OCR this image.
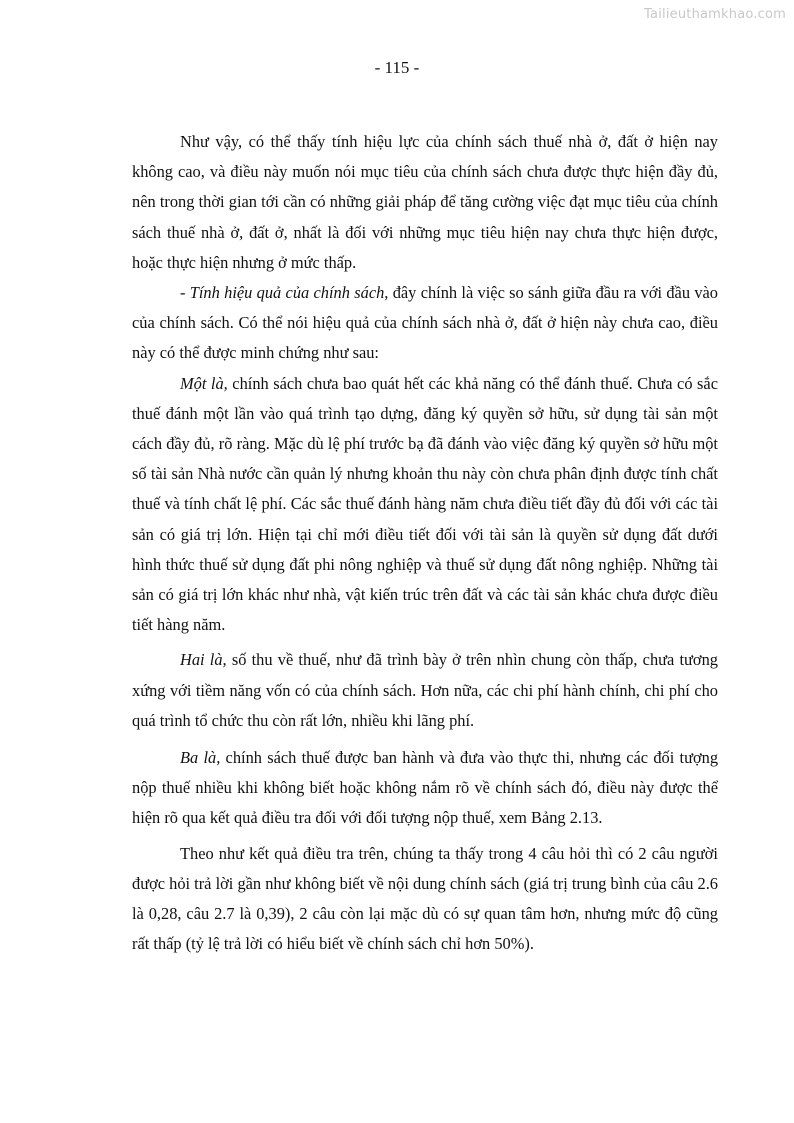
Tailieuthamkhao.com
- 115 -

Như vậy, có thể thấy tính hiệu lực của chính sách thuế nhà ở, đất ở hiện nay không cao, và điều này muốn nói mục tiêu của chính sách chưa được thực hiện đầy đủ, nên trong thời gian tới cần có những giải pháp để tăng cường việc đạt mục tiêu của chính sách thuế nhà ở, đất ở, nhất là đối với những mục tiêu hiện nay chưa thực hiện được, hoặc thực hiện nhưng ở mức thấp.

- Tính hiệu quả của chính sách, đây chính là việc so sánh giữa đầu ra với đầu vào của chính sách. Có thể nói hiệu quả của chính sách nhà ở, đất ở hiện này chưa cao, điều này có thể được minh chứng như sau:

Một là, chính sách chưa bao quát hết các khả năng có thể đánh thuế. Chưa có sắc thuế đánh một lần vào quá trình tạo dựng, đăng ký quyền sở hữu, sử dụng tài sản một cách đầy đủ, rõ ràng. Mặc dù lệ phí trước bạ đã đánh vào việc đăng ký quyền sở hữu một số tài sản Nhà nước cần quản lý nhưng khoản thu này còn chưa phân định được tính chất thuế và tính chất lệ phí. Các sắc thuế đánh hàng năm chưa điều tiết đầy đủ đối với các tài sản có giá trị lớn. Hiện tại chỉ mới điều tiết đối với tài sản là quyền sử dụng đất dưới hình thức thuế sử dụng đất phi nông nghiệp và thuế sử dụng đất nông nghiệp. Những tài sản có giá trị lớn khác như nhà, vật kiến trúc trên đất và các tài sản khác chưa được điều tiết hàng năm.

Hai là, số thu về thuế, như đã trình bày ở trên nhìn chung còn thấp, chưa tương xứng với tiềm năng vốn có của chính sách. Hơn nữa, các chi phí hành chính, chi phí cho quá trình tổ chức thu còn rất lớn, nhiều khi lãng phí.

Ba là, chính sách thuế được ban hành và đưa vào thực thi, nhưng các đối tượng nộp thuế nhiều khi không biết hoặc không nắm rõ về chính sách đó, điều này được thể hiện rõ qua kết quả điều tra đối với đối tượng nộp thuế, xem Bảng 2.13.

Theo như kết quả điều tra trên, chúng ta thấy trong 4 câu hỏi thì có 2 câu người được hỏi trả lời gần như không biết về nội dung chính sách (giá trị trung bình của câu 2.6 là 0,28, câu 2.7 là 0,39), 2 câu còn lại mặc dù có sự quan tâm hơn, nhưng mức độ cũng rất thấp (tỷ lệ trả lời có hiểu biết về chính sách chỉ hơn 50%).
